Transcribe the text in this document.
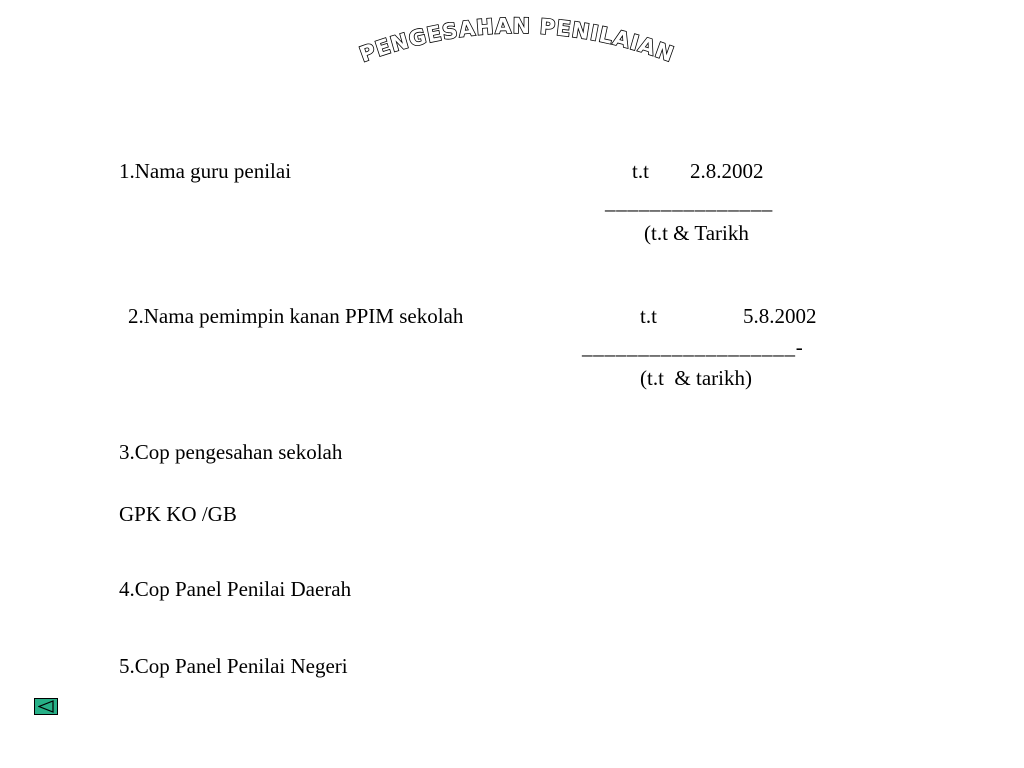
PENGESAHAN PENILAIAN
1.Nama guru penilai	t.t 2.8.2002
_______________
(t.t & Tarikh
2.Nama pemimpin kanan PPIM sekolah	t.t	5.8.2002
___________________-
(t.t  & tarikh)
3.Cop pengesahan sekolah
GPK KO /GB
4.Cop Panel Penilai Daerah
5.Cop Panel Penilai Negeri
